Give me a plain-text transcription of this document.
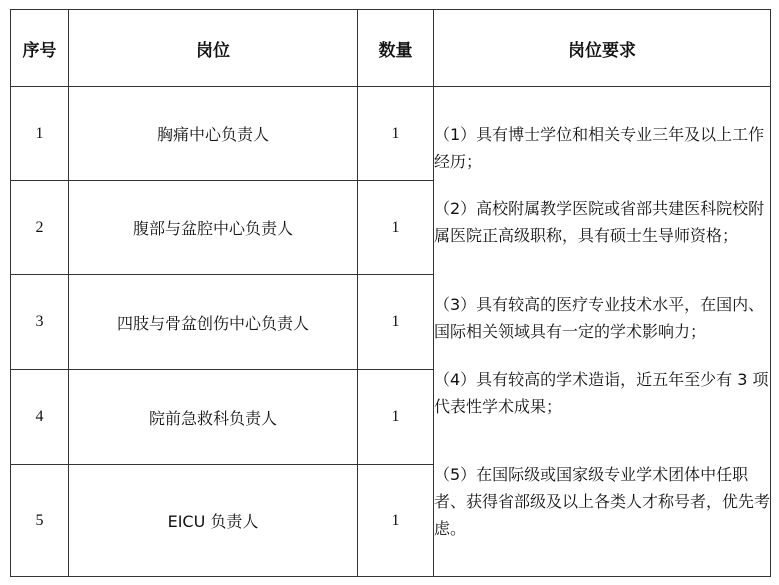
序号	岗位	数量	岗位要求
1	胸痛中心负责人	1	（1）具有博士学位和相关专业三年及以上工作经历；
（2）高校附属教学医院或省部共建医科院校附属医院正高级职称，具有硕士生导师资格；
（3）具有较高的医疗专业技术水平，在国内、国际相关领域具有一定的学术影响力；
（4）具有较高的学术造诣，近五年至少有 3 项代表性学术成果；
（5）在国际级或国家级专业学术团体中任职者、获得省部级及以上各类人才称号者，优先考虑。

2	腹部与盆腔中心负责人	1	
3	四肢与骨盆创伤中心负责人	1	
4	院前急救科负责人	1	
5	EICU 负责人	1	
